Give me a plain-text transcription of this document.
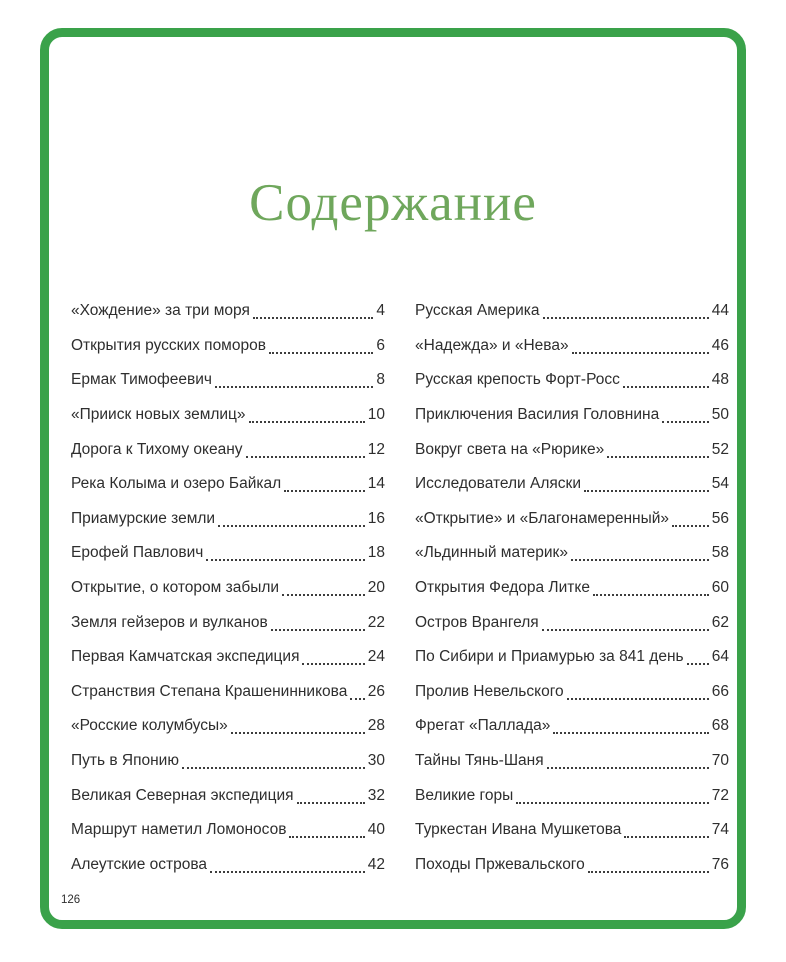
Содержание
«Хождение» за три моря	4
Открытия русских поморов	6
Ермак Тимофеевич	8
«Прииск новых землиц»	10
Дорога к Тихому океану	12
Река Колыма и озеро Байкал	14
Приамурские земли	16
Ерофей Павлович	18
Открытие, о котором забыли	20
Земля гейзеров и вулканов	22
Первая Камчатская экспедиция	24
Странствия Степана Крашенинникова 26
«Росские колумбусы»	28
Путь в Японию	30
Великая Северная экспедиция	32
Маршрут наметил Ломоносов	40
Алеутские острова	42
Русская Америка	44
«Надежда» и «Нева»	46
Русская крепость Форт-Росс	48
Приключения Василия Головнина	50
Вокруг света на «Рюрике»	52
Исследователи Аляски	54
«Открытие» и «Благонамеренный»	56
«Льдинный материк»	58
Открытия Федора Литке	60
Остров Врангеля	62
По Сибири и Приамурью за 841 день 64
Пролив Невельского	66
Фрегат «Паллада»	68
Тайны Тянь-Шаня	70
Великие горы	72
Туркестан Ивана Мушкетова	74
Походы Пржевальского	76
126
